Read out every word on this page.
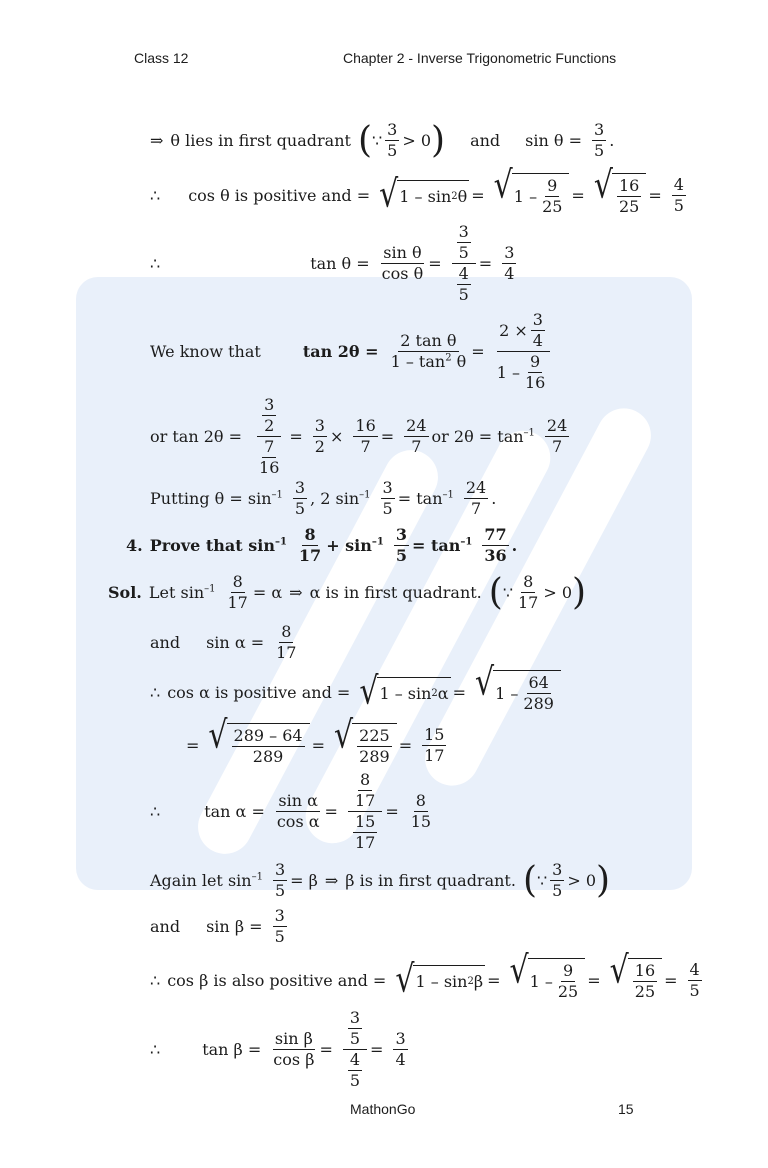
Class 12	Chapter 2 - Inverse Trigonometric Functions
MathonGo	15
⇒ θ lies in first quadrant ( ∵ $\frac{3}{5} > 0$ ) and $\sin \theta = \frac{3}{5}$ .
∴ cos θ is positive and = √ 1 – sin 2 θ = √ $1 - \frac{9}{25}$ = √ $\frac{16}{25} = \frac{4}{5}$
∴	$\tan \theta = \frac{\text{sin θ}}{\text{cos θ}} = \frac{\frac{3}{5}}{\frac{4}{5}} = \frac{3}{4}$
We know that	$\tan 2\theta = \frac{\text{2 tan θ}}{1 - \tan^2 \theta} = \frac{2 \times \frac{3}{4}}{1 - \frac{9}{16}}$
or $\tan 2\theta = \frac{\frac{3}{2}}{\frac{7}{16}} = \frac{3}{2} \times \frac{16}{7} = \frac{24}{7}$ or $2\theta = \tan^{-1} \frac{24}{7}$
Putting $\theta = \sin^{-1} \frac{3}{5}$ , 2 $\sin^{-1} \frac{3}{5} = \tan^{-1} \frac{24}{7}$ .
4. Prove that $\sin^{-1} \frac{8}{17} + \sin^{-1} \frac{3}{5} = \tan^{-1} \frac{77}{36}$ .
Sol. Let $\sin^{-1} \frac{8}{17} = \alpha$ ⇒ α is in first quadrant. ( ∵ $\frac{8}{17} > 0$ )
and $\sin \alpha = \frac{8}{17}$
∴ cos α is positive and = √ 1 – sin 2 α = √ $1 - \frac{64}{289}$
= √ $\frac{289 - 64}{289}$ = √ $\frac{225}{289} = \frac{15}{17}$
∴	$\tan \alpha = \frac{\text{sin α}}{\text{cos α}} = \frac{\frac{8}{17}}{\frac{15}{17}} = \frac{8}{15}$
Again let $\sin^{-1} \frac{3}{5} = \beta$ ⇒ β is in first quadrant. ( ∵ $\frac{3}{5} > 0$ )
and $\sin \beta = \frac{3}{5}$
∴ cos β is also positive and = √ 1 – sin 2 β = √ $1 - \frac{9}{25}$ = √ $\frac{16}{25} = \frac{4}{5}$
∴	$\tan \beta = \frac{\text{sin β}}{\text{cos β}} = \frac{\frac{3}{5}}{\frac{4}{5}} = \frac{3}{4}$
